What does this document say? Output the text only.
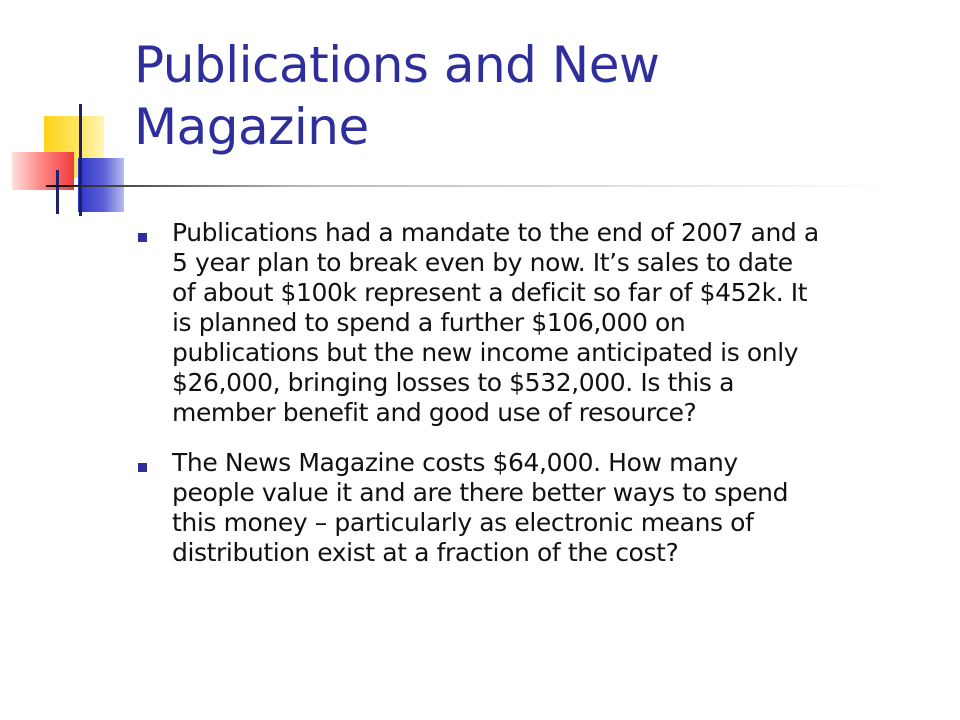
Publications and New
Magazine
Publications had a mandate to the end of 2007 and a
5 year plan to break even by now. It’s sales to date
of about $100k represent a deficit so far of $452k. It
is planned to spend a further $106,000 on
publications but the new income anticipated is only
$26,000, bringing losses to $532,000. Is this a
member benefit and good use of resource?
The News Magazine costs $64,000. How many
people value it and are there better ways to spend
this money – particularly as electronic means of
distribution exist at a fraction of the cost?
